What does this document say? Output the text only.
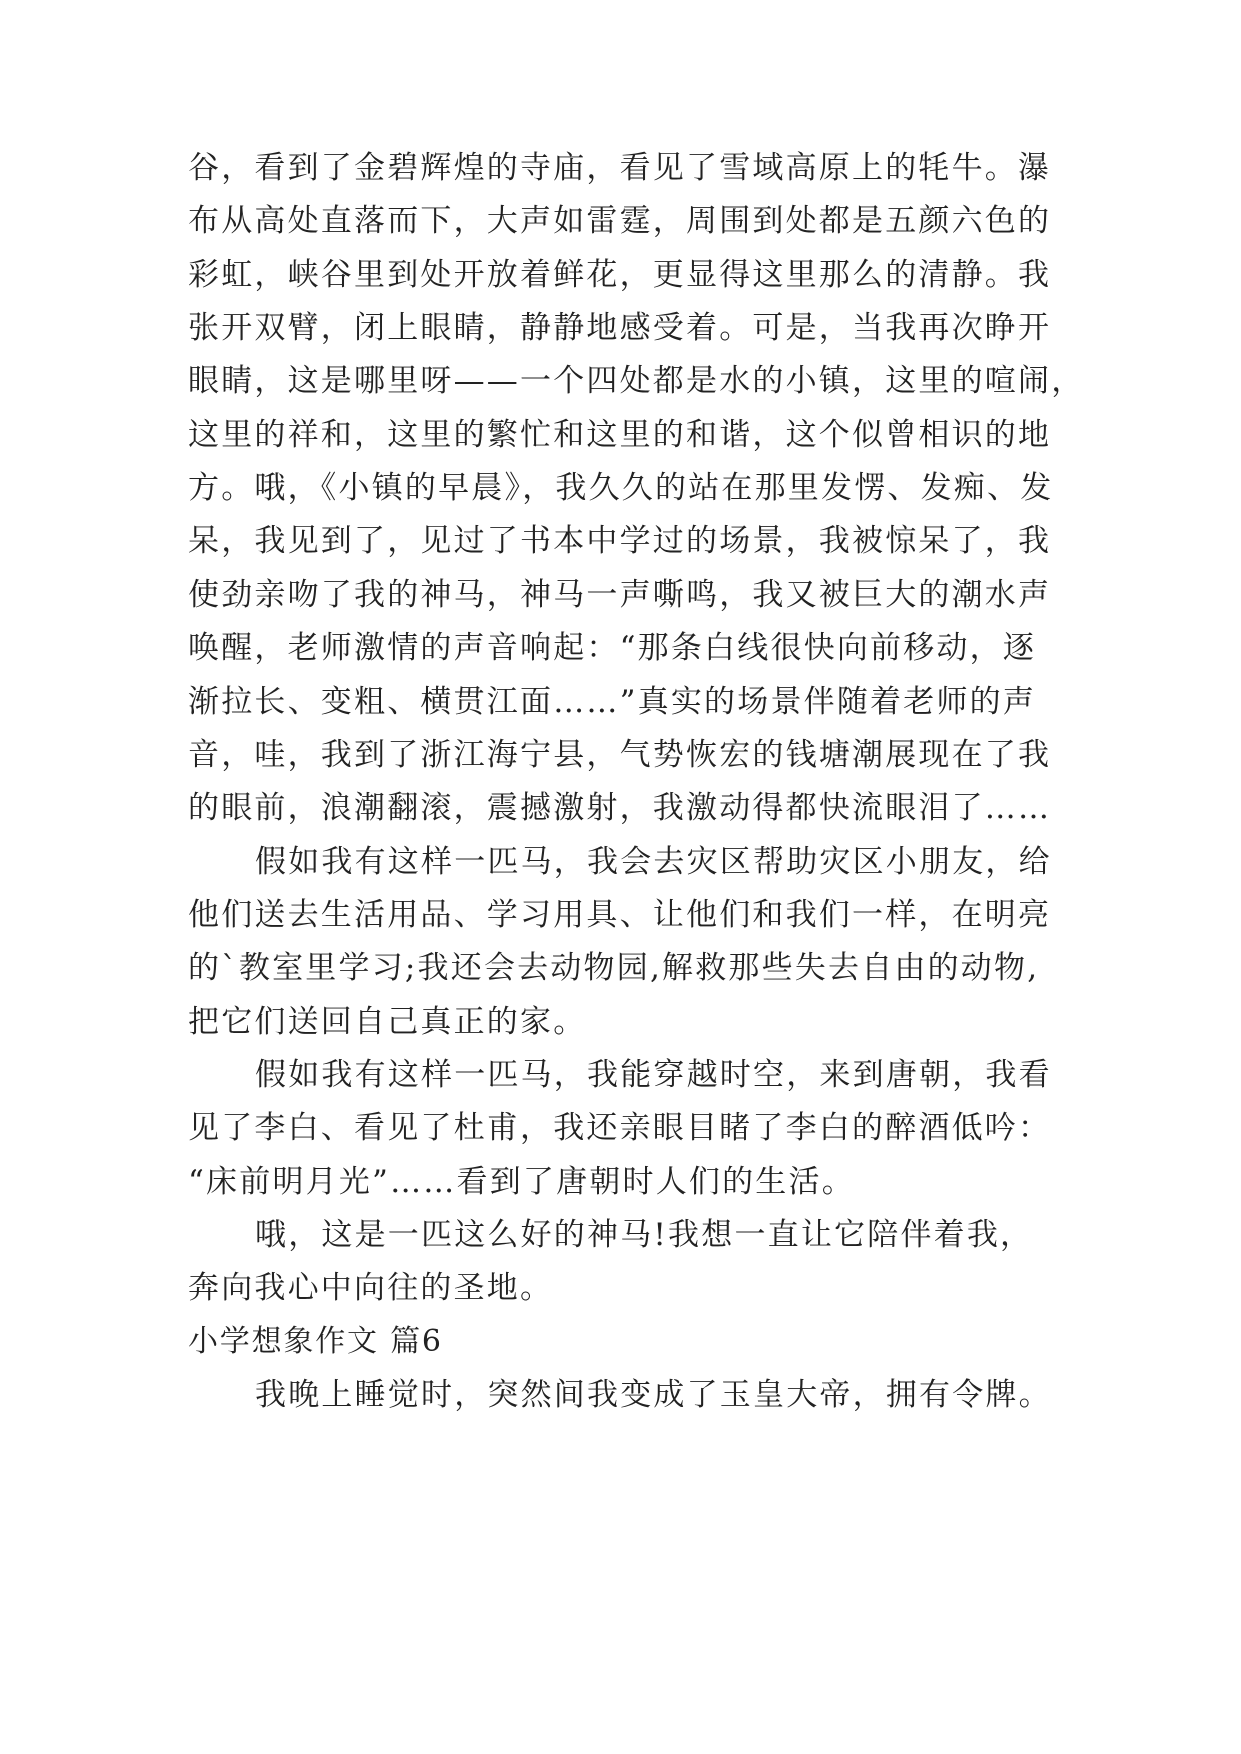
谷，看到了金碧辉煌的寺庙，看见了雪域高原上的牦牛。瀑
布从高处直落而下，大声如雷霆，周围到处都是五颜六色的
彩虹，峡谷里到处开放着鲜花，更显得这里那么的清静。我
张开双臂，闭上眼睛，静静地感受着。可是，当我再次睁开
眼睛，这是哪里呀——一个四处都是水的小镇，这里的喧闹，
这里的祥和，这里的繁忙和这里的和谐，这个似曾相识的地
方。哦，《小镇的早晨》，我久久的站在那里发愣、发痴、发
呆，我见到了，见过了书本中学过的场景，我被惊呆了，我
使劲亲吻了我的神马，神马一声嘶鸣，我又被巨大的潮水声
唤醒，老师激情的声音响起：“那条白线很快向前移动，逐
渐拉长、变粗、横贯江面……”真实的场景伴随着老师的声
音，哇，我到了浙江海宁县，气势恢宏的钱塘潮展现在了我
的眼前，浪潮翻滚，震撼激射，我激动得都快流眼泪了……
假如我有这样一匹马，我会去灾区帮助灾区小朋友，给
他们送去生活用品、学习用具、让他们和我们一样，在明亮
的`教室里学习;我还会去动物园,解救那些失去自由的动物,
把它们送回自己真正的家。
假如我有这样一匹马，我能穿越时空，来到唐朝，我看
见了李白、看见了杜甫，我还亲眼目睹了李白的醉酒低吟：
“床前明月光”……看到了唐朝时人们的生活。
哦，这是一匹这么好的神马!我想一直让它陪伴着我，
奔向我心中向往的圣地。
小学想象作文 篇6
我晚上睡觉时，突然间我变成了玉皇大帝，拥有令牌。
